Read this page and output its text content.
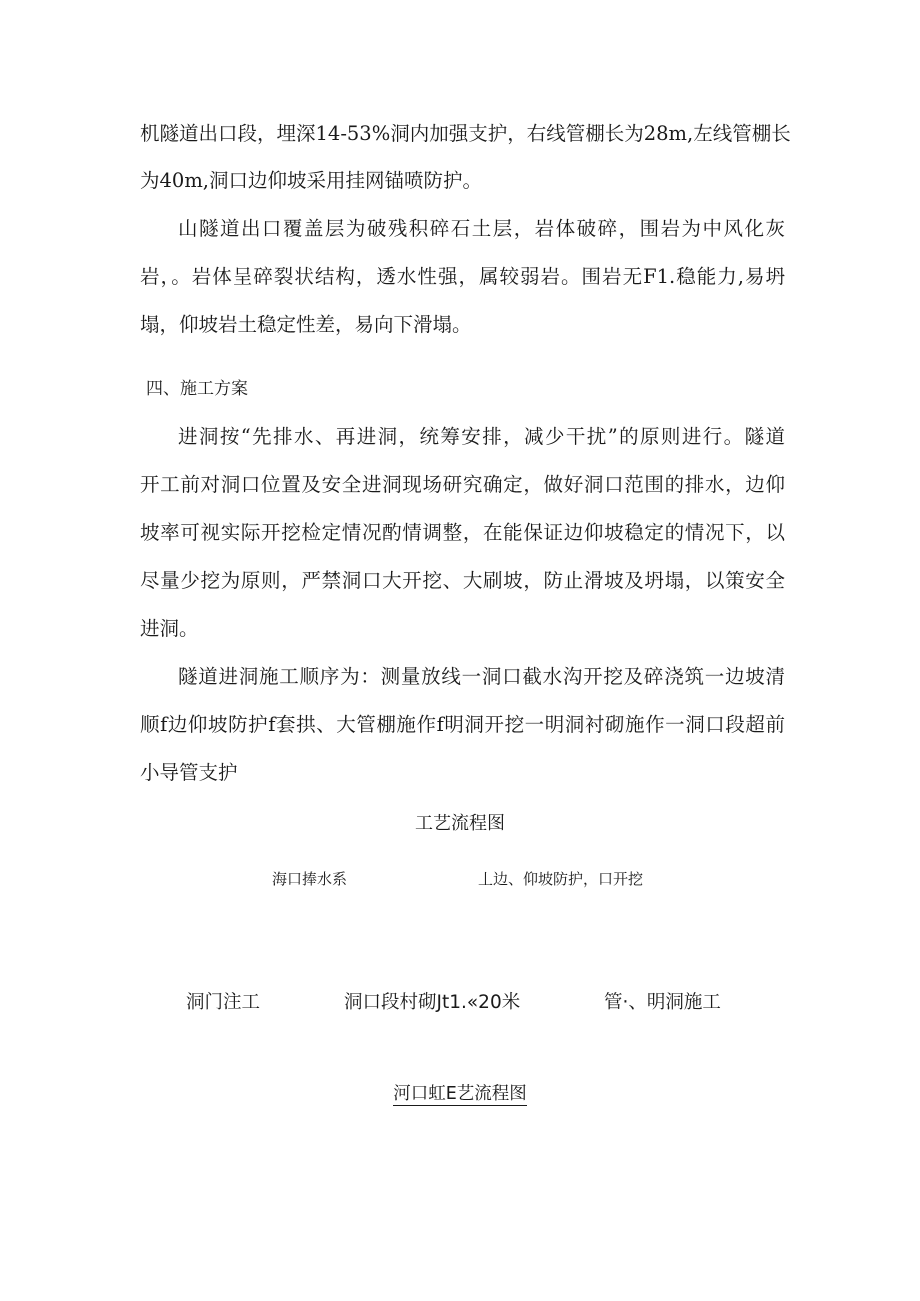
机隧道出口段，埋深14-53%洞内加强支护，右线管棚长为28m,左线管棚长
为40m,洞口边仰坡采用挂网锚喷防护。
山隧道出口覆盖层为破残积碎石土层，岩体破碎，围岩为中风化灰
岩，。岩体呈碎裂状结构，透水性强，属较弱岩。围岩无F1.稳能力,易坍
塌，仰坡岩土稳定性差，易向下滑塌。
四、施工方案
进洞按“先排水、再进洞，统筹安排，减少干扰”的原则进行。隧道
开工前对洞口位置及安全进洞现场研究确定，做好洞口范围的排水，边仰
坡率可视实际开挖检定情况酌情调整，在能保证边仰坡稳定的情况下，以
尽量少挖为原则，严禁洞口大开挖、大刷坡，防止滑坡及坍塌，以策安全
进洞。
隧道进洞施工顺序为：测量放线一洞口截水沟开挖及碎浇筑一边坡清
顺f边仰坡防护f套拱、大管棚施作f明洞开挖一明洞衬砌施作一洞口段超前
小导管支护
工艺流程图
海口捧水系	丄边、仰坡防护，口开挖
洞门注工	洞口段村砌Jt1.«20米	管·、明洞施工
河口虹E艺流程图
